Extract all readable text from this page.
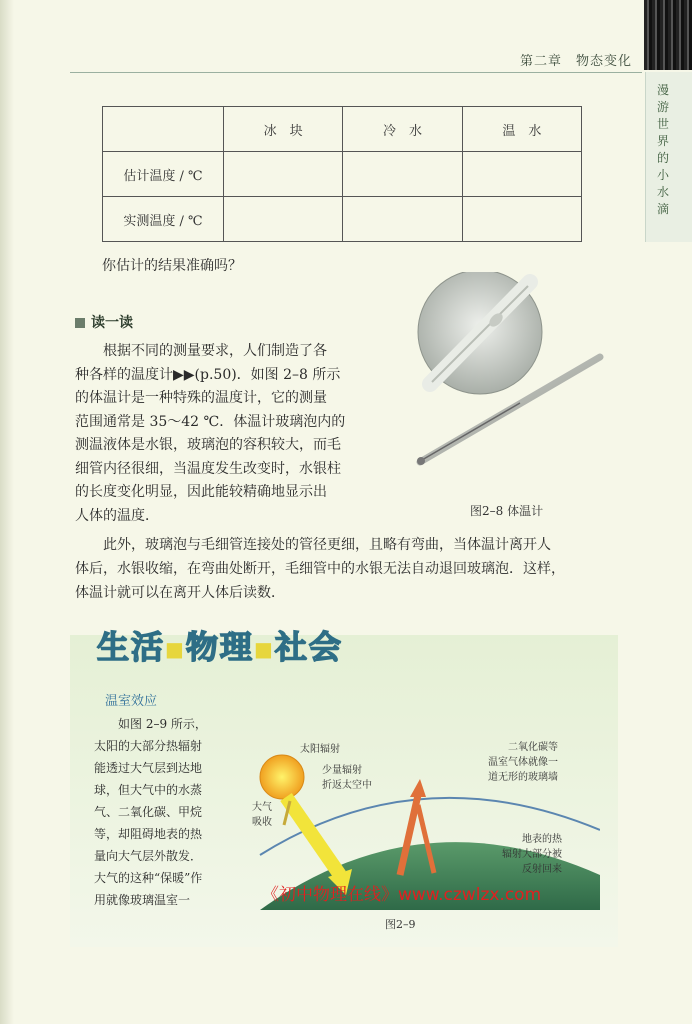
第二章　物态变化
漫游世界的小水滴
	冰　块	冷　水	温　水
估计温度 / ℃			
实测温度 / ℃			
你估计的结果准确吗？
读一读
根据不同的测量要求，人们制造了各
种各样的温度计▶▶(p.50)．如图 2–8 所示
的体温计是一种特殊的温度计，它的测量
范围通常是 35～42 ℃．体温计玻璃泡内的
测温液体是水银，玻璃泡的容积较大，而毛
细管内径很细，当温度发生改变时，水银柱
的长度变化明显，因此能较精确地显示出
人体的温度．	图2–8 体温计
此外，玻璃泡与毛细管连接处的管径更细，且略有弯曲，当体温计离开人
体后，水银收缩，在弯曲处断开，毛细管中的水银无法自动退回玻璃泡．这样，
体温计就可以在离开人体后读数．
生活■物理■社会
温室效应
如图 2–9 所示，
太阳的大部分热辐射
能透过大气层到达地
球，但大气中的水蒸
气、二氧化碳、甲烷
等，却阻碍地表的热
量向大气层外散发．
大气的这种“保暖”作
用就像玻璃温室一
太阳辐射
大气
吸收
少量辐射
折返太空中
二氧化碳等
温室气体就像一
道无形的玻璃墙
地表的热
辐射大部分被
反射回来
《初中物理在线》www.czwlzx.com
图2–9
